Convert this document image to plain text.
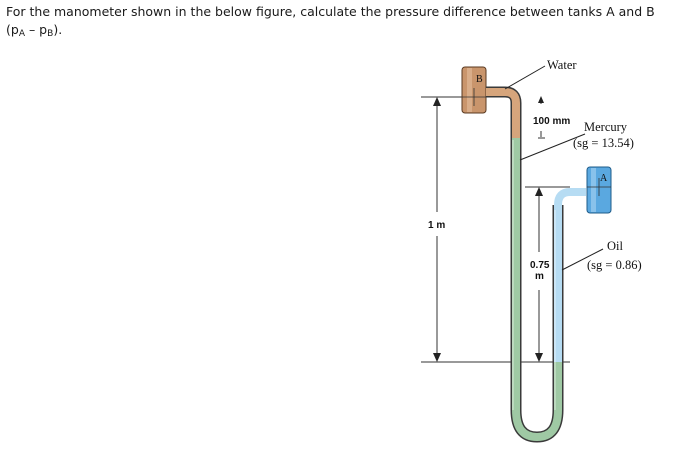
For the manometer shown in the below figure, calculate the pressure difference between tanks A and B
$(p_A - p_B)$.
B
A
1 m
100 mm
0.75
m
Water
Mercury
(sg = 13.54)
Oil
(sg = 0.86)
